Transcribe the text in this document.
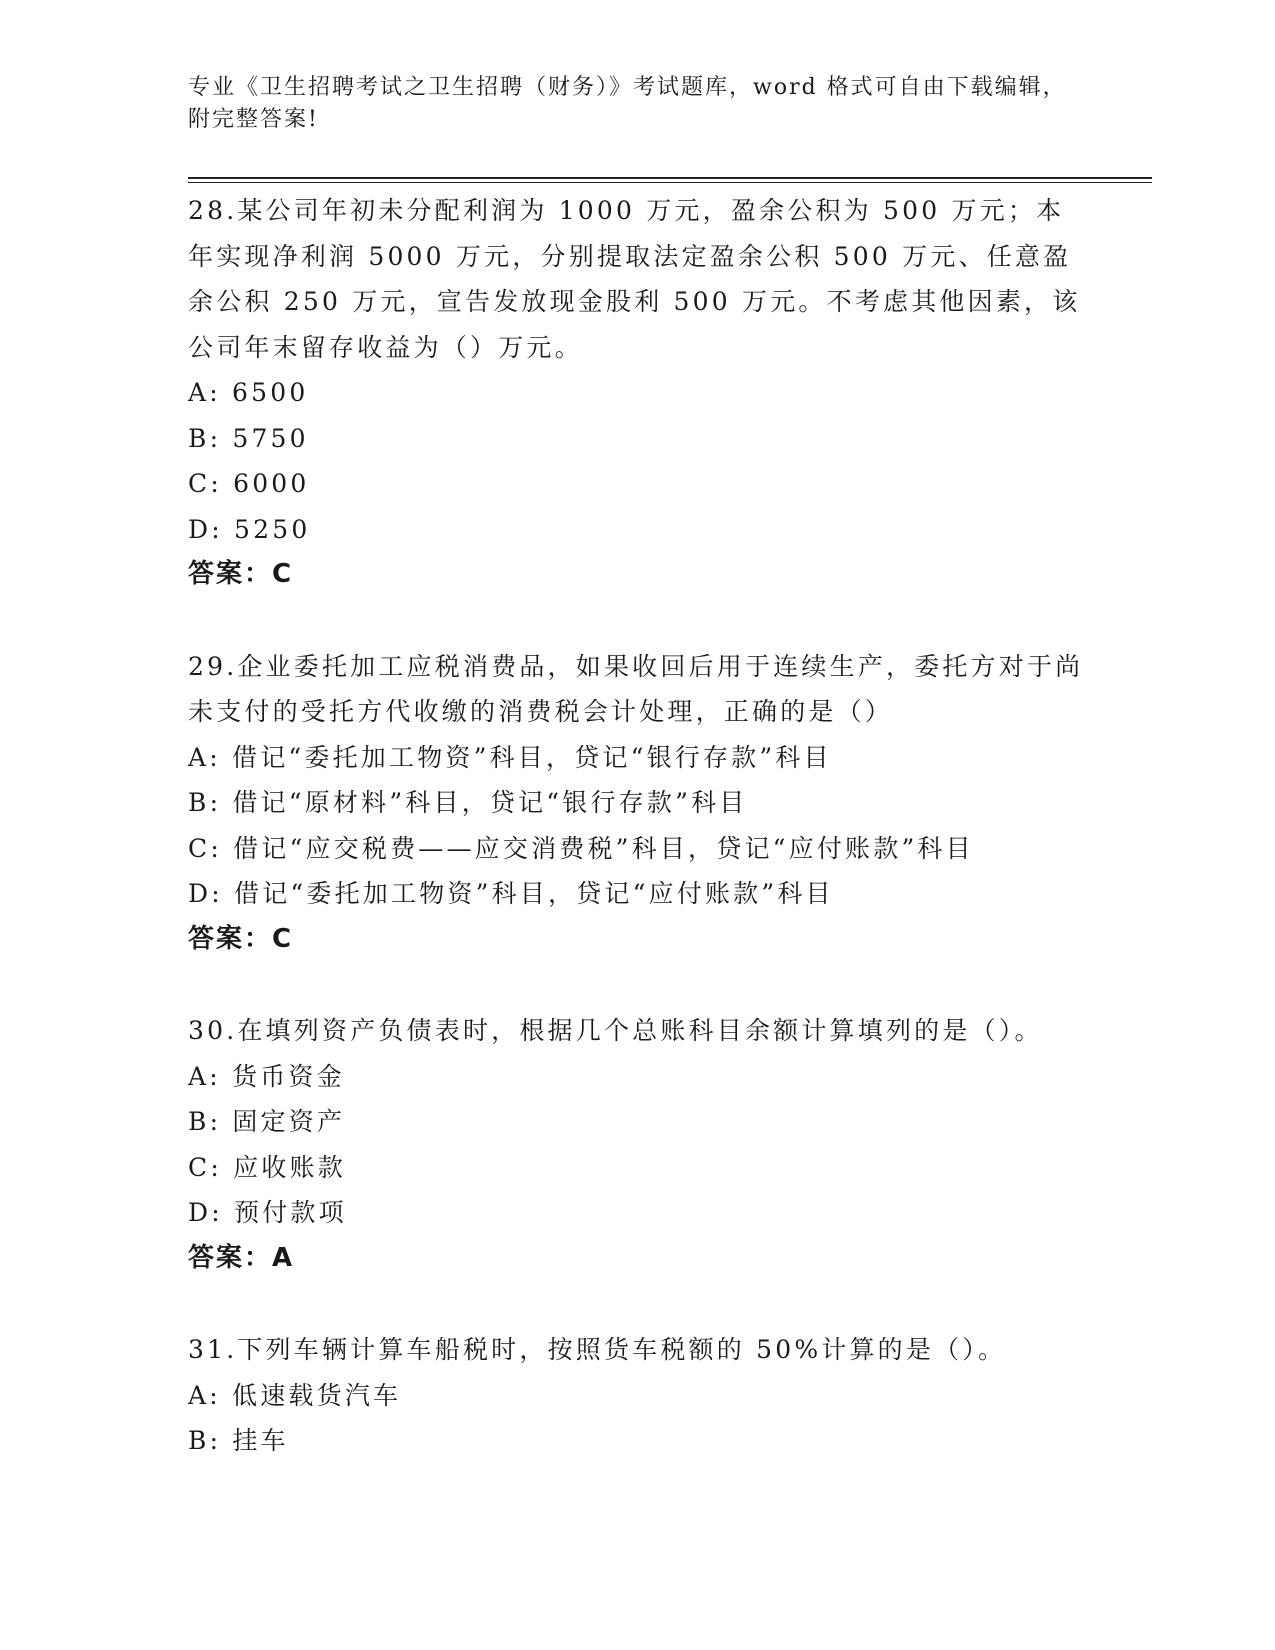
专业《卫生招聘考试之卫生招聘（财务）》考试题库，word 格式可自由下载编辑，附完整答案!

28.某公司年初未分配利润为 1000 万元，盈余公积为 500 万元；本年实现净利润 5000 万元，分别提取法定盈余公积 500 万元、任意盈余公积 250 万元，宣告发放现金股利 500 万元。不考虑其他因素，该公司年末留存收益为（）万元。

A: 6500

B: 5750

C: 6000

D: 5250

答案：C

29.企业委托加工应税消费品，如果收回后用于连续生产，委托方对于尚未支付的受托方代收缴的消费税会计处理，正确的是（）

A: 借记“委托加工物资”科目，贷记“银行存款”科目

B: 借记“原材料”科目，贷记“银行存款”科目

C: 借记“应交税费——应交消费税”科目，贷记“应付账款”科目

D: 借记“委托加工物资”科目，贷记“应付账款”科目

答案：C

30.在填列资产负债表时，根据几个总账科目余额计算填列的是（）。

A: 货币资金

B: 固定资产

C: 应收账款

D: 预付款项

答案：A

31.下列车辆计算车船税时，按照货车税额的 50%计算的是（）。

A: 低速载货汽车

B: 挂车
